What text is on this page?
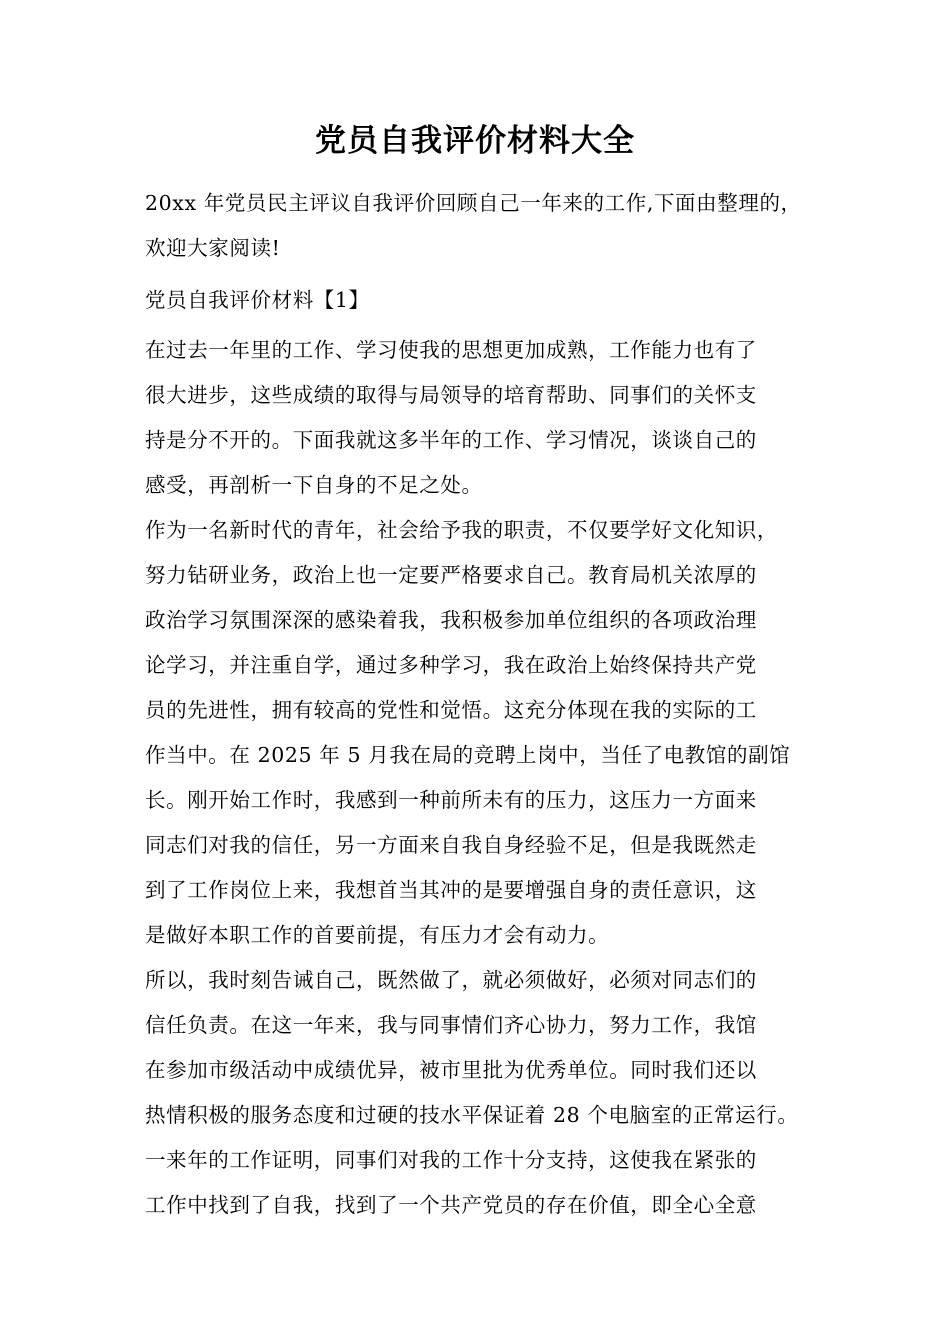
党员自我评价材料大全

20xx 年党员民主评议自我评价回顾自己一年来的工作,下面由整理的，

欢迎大家阅读!

党员自我评价材料【1】

在过去一年里的工作、学习使我的思想更加成熟，工作能力也有了

很大进步，这些成绩的取得与局领导的培育帮助、同事们的关怀支

持是分不开的。下面我就这多半年的工作、学习情况，谈谈自己的

感受，再剖析一下自身的不足之处。

作为一名新时代的青年，社会给予我的职责，不仅要学好文化知识，

努力钻研业务，政治上也一定要严格要求自己。教育局机关浓厚的

政治学习氛围深深的感染着我，我积极参加单位组织的各项政治理

论学习，并注重自学，通过多种学习，我在政治上始终保持共产党

员的先进性，拥有较高的党性和觉悟。这充分体现在我的实际的工

作当中。在 2025 年 5 月我在局的竞聘上岗中，当任了电教馆的副馆

长。刚开始工作时，我感到一种前所未有的压力，这压力一方面来

同志们对我的信任，另一方面来自我自身经验不足，但是我既然走

到了工作岗位上来，我想首当其冲的是要增强自身的责任意识，这

是做好本职工作的首要前提，有压力才会有动力。

所以，我时刻告诫自己，既然做了，就必须做好，必须对同志们的

信任负责。在这一年来，我与同事情们齐心协力，努力工作，我馆

在参加市级活动中成绩优异，被市里批为优秀单位。同时我们还以

热情积极的服务态度和过硬的技水平保证着 28 个电脑室的正常运行。

一来年的工作证明，同事们对我的工作十分支持，这使我在紧张的

工作中找到了自我，找到了一个共产党员的存在价值，即全心全意
